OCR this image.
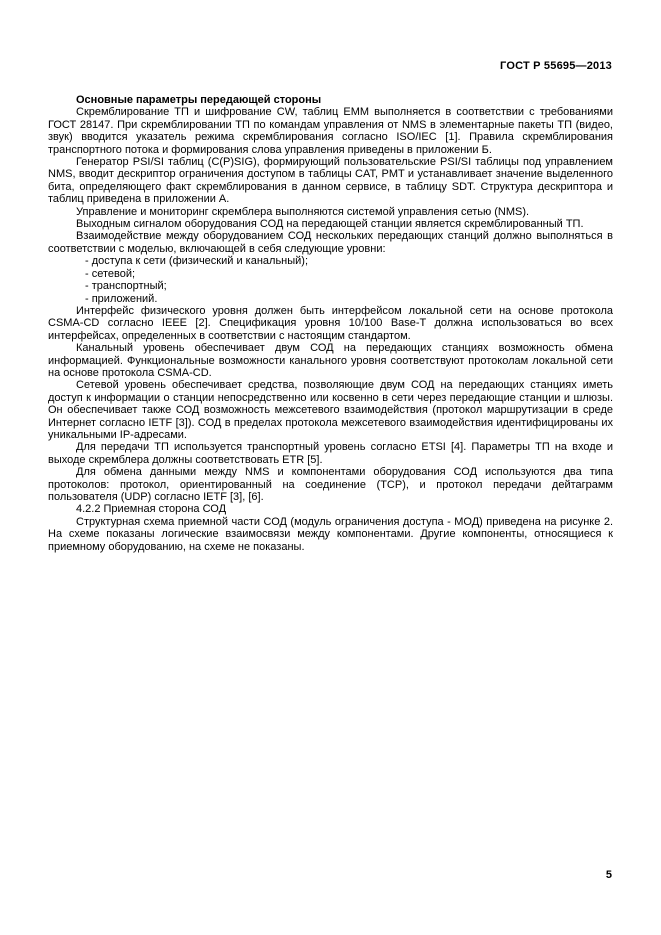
ГОСТ Р 55695—2013
Основные параметры передающей стороны
Скремблирование ТП и шифрование CW, таблиц EMM выполняется в соответствии с требованиями ГОСТ 28147. При скремблировании ТП по командам управления от NMS в элементарные пакеты ТП (видео, звук) вводится указатель режима скремблирования согласно ISO/IEC [1]. Правила скремблирования транспортного потока и формирования слова управления приведены в приложении Б.
Генератор PSI/SI таблиц (C(P)SIG), формирующий пользовательские PSI/SI таблицы под управлением NMS, вводит дескриптор ограничения доступом в таблицы CAT, PMT и устанавливает значение выделенного бита, определяющего факт скремблирования в данном сервисе, в таблицу SDT. Структура дескриптора и таблиц приведена в приложении А.
Управление и мониторинг скремблера выполняются системой управления сетью (NMS).
Выходным сигналом оборудования СОД на передающей станции является скремблированный ТП.
Взаимодействие между оборудованием СОД нескольких передающих станций должно выполняться в соответствии с моделью, включающей в себя следующие уровни:
- доступа к сети (физический и канальный);
- сетевой;
- транспортный;
- приложений.
Интерфейс физического уровня должен быть интерфейсом локальной сети на основе протокола CSMA-CD согласно IEEE [2]. Спецификация уровня 10/100 Base-T должна использоваться во всех интерфейсах, определенных в соответствии с настоящим стандартом.
Канальный уровень обеспечивает двум СОД на передающих станциях возможность обмена информацией. Функциональные возможности канального уровня соответствуют протоколам локальной сети на основе протокола CSMA-CD.
Сетевой уровень обеспечивает средства, позволяющие двум СОД на передающих станциях иметь доступ к информации о станции непосредственно или косвенно в сети через передающие станции и шлюзы. Он обеспечивает также СОД возможность межсетевого взаимодействия (протокол маршрутизации в среде Интернет согласно IETF [3]). СОД в пределах протокола межсетевого взаимодействия идентифицированы их уникальными IP-адресами.
Для передачи ТП используется транспортный уровень согласно ETSI [4]. Параметры ТП на входе и выходе скремблера должны соответствовать ETR [5].
Для обмена данными между NMS и компонентами оборудования СОД используются два типа протоколов: протокол, ориентированный на соединение (TCP), и протокол передачи дейтаграмм пользователя (UDP) согласно IETF [3], [6].
4.2.2 Приемная сторона СОД
Структурная схема приемной части СОД (модуль ограничения доступа - МОД) приведена на рисунке 2. На схеме показаны логические взаимосвязи между компонентами. Другие компоненты, относящиеся к приемному оборудованию, на схеме не показаны.
5
